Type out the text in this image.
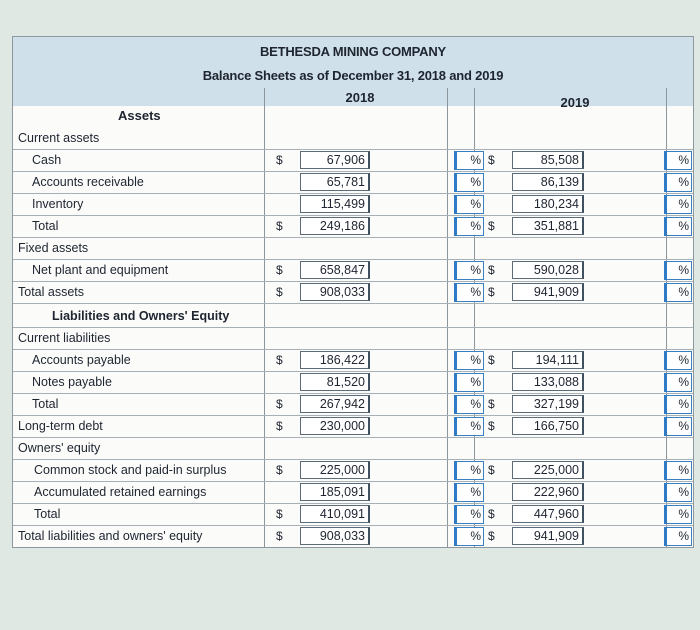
BETHESDA MINING COMPANY
Balance Sheets as of December 31, 2018 and 2019
2018	2019
Assets
Current assets
Cash	$	67,906	% $	85,508	%
Accounts receivable	65,781	%	86,139	%
Inventory	115,499	%	180,234	%
Total	$	249,186	% $	351,881	%
Fixed assets
Net plant and equipment	$	658,847	% $	590,028	%
Total assets	$	908,033	% $	941,909	%
Liabilities and Owners' Equity
Current liabilities
Accounts payable	$	186,422	% $	194,111	%
Notes payable	81,520	%	133,088	%
Total	$	267,942	% $	327,199	%
Long-term debt	$	230,000	% $	166,750	%
Owners' equity
Common stock and paid-in surplus	$	225,000	% $	225,000	%
Accumulated retained earnings	185,091	%	222,960	%
Total	$	410,091	% $	447,960	%
Total liabilities and owners' equity	$	908,033	% $	941,909	%
